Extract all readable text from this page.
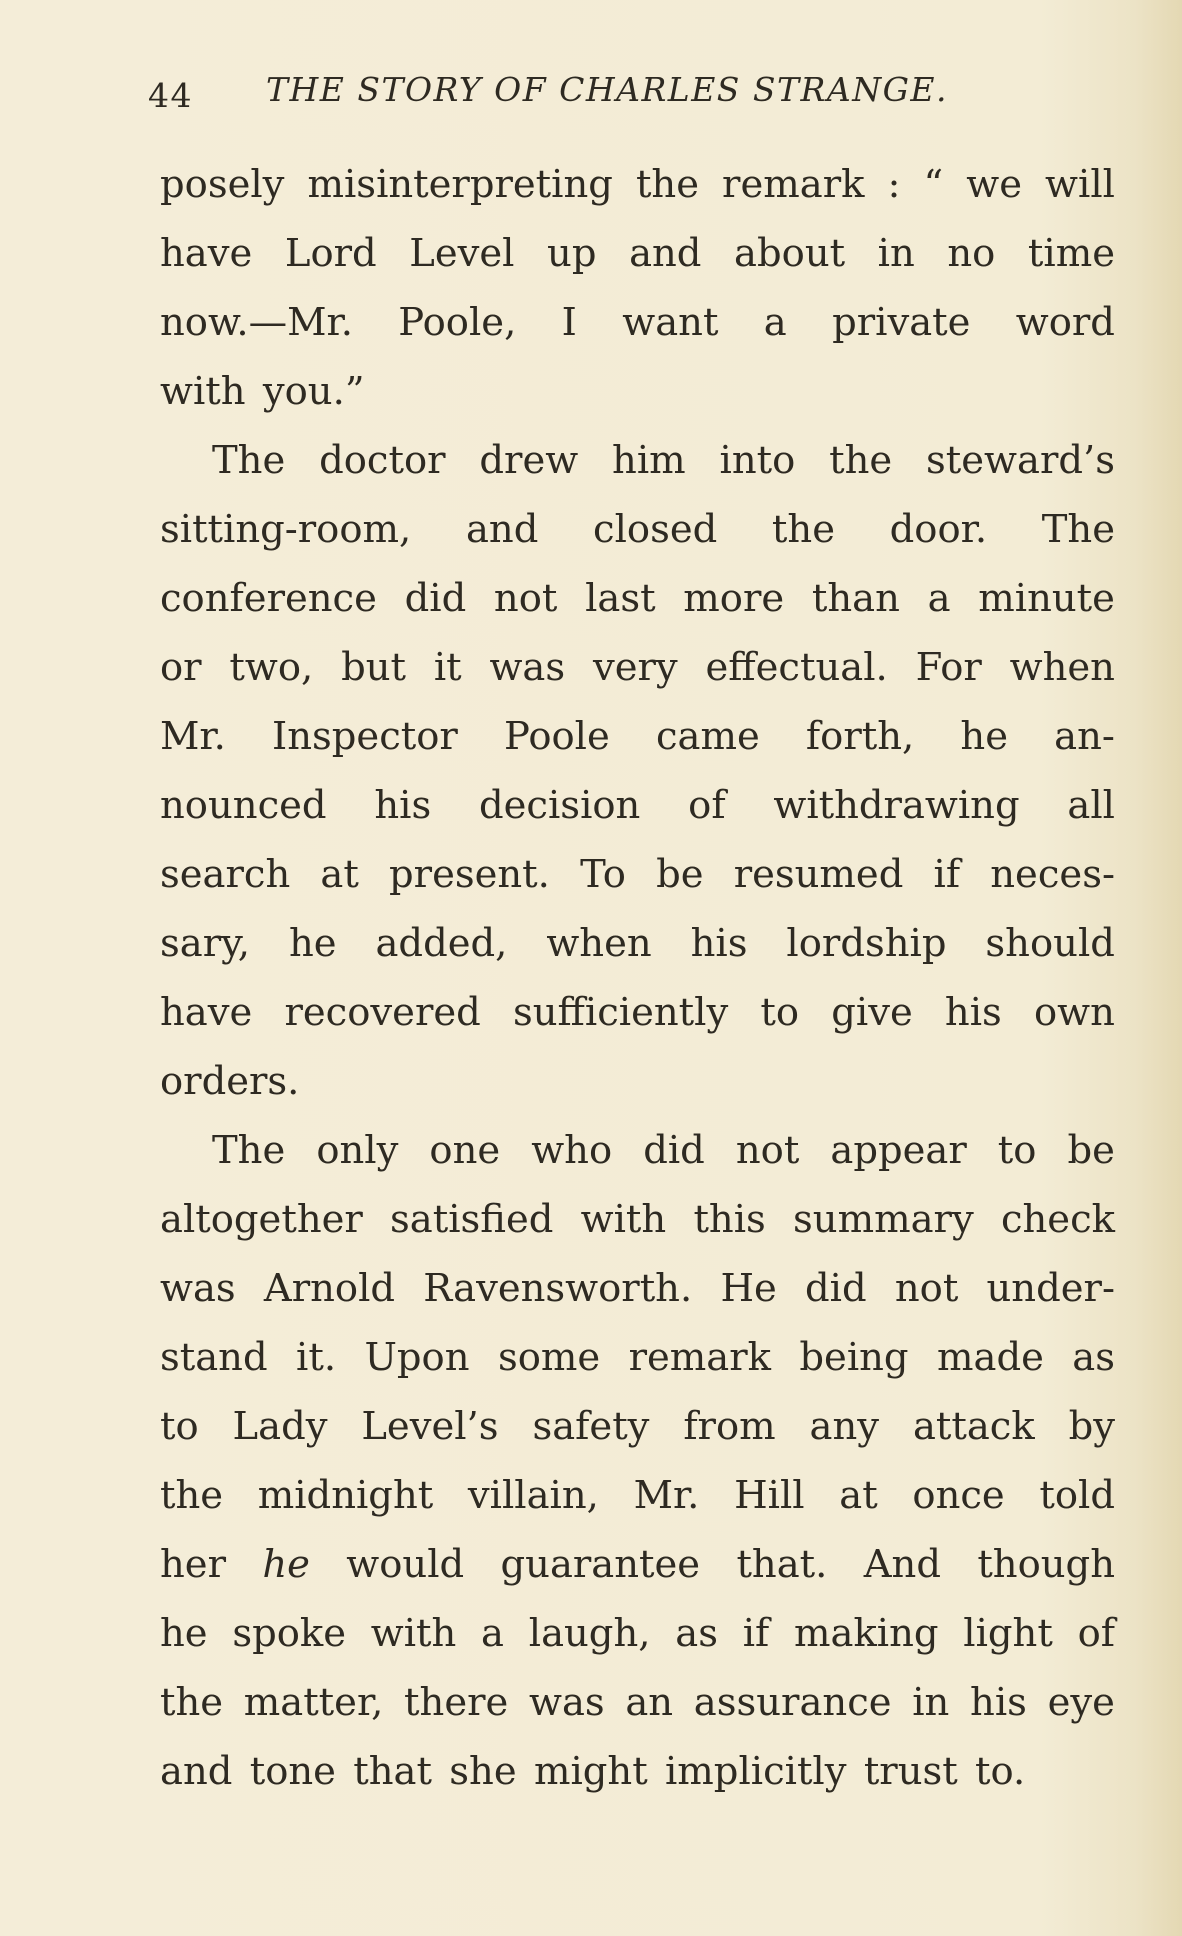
44 THE STORY OF CHARLES STRANGE.
posely misinterpreting the remark : “ we will
have Lord Level up and about in no time
now.—Mr. Poole, I want a private word
with you.”
The doctor drew him into the steward’s
sitting-room, and closed the door. The
conference did not last more than a minute
or two, but it was very effectual. For when
Mr. Inspector Poole came forth, he an-
nounced his decision of withdrawing all
search at present. To be resumed if neces-
sary, he added, when his lordship should
have recovered sufficiently to give his own
orders.
The only one who did not appear to be
altogether satisfied with this summary check
was Arnold Ravensworth. He did not under-
stand it. Upon some remark being made as
to Lady Level’s safety from any attack by
the midnight villain, Mr. Hill at once told
her he would guarantee that. And though
he spoke with a laugh, as if making light of
the matter, there was an assurance in his eye
and tone that she might implicitly trust to.
